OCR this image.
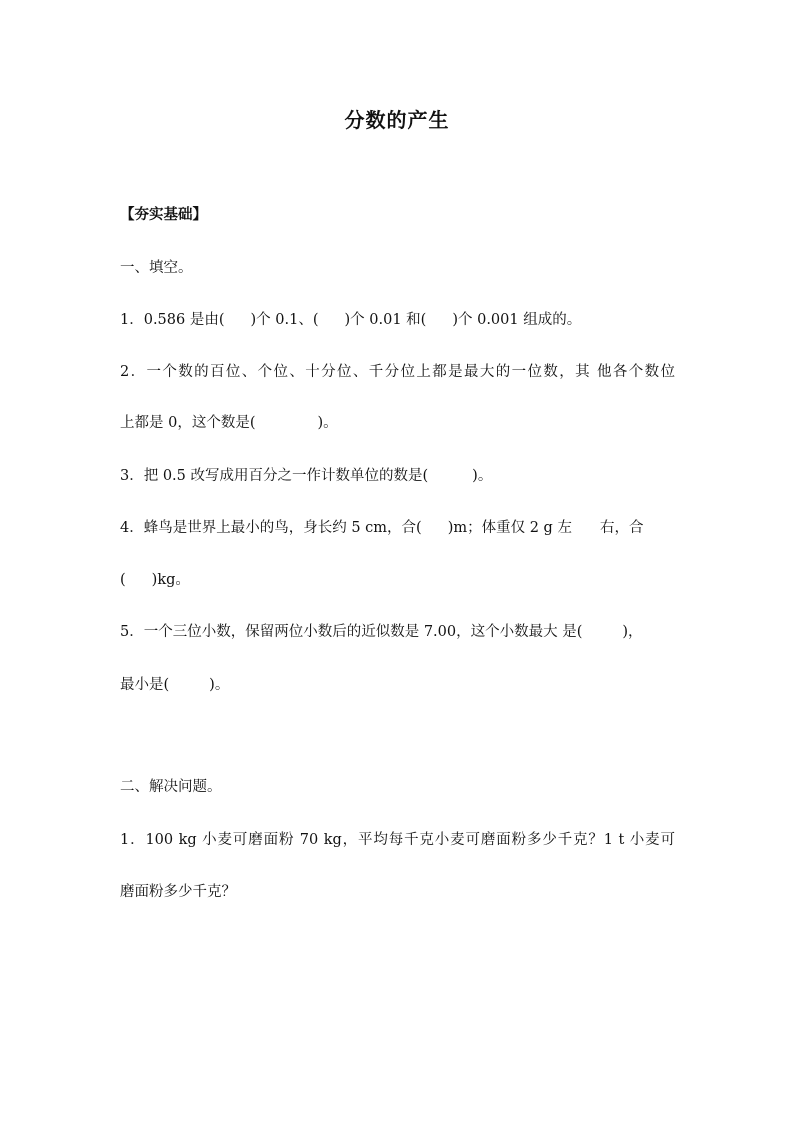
分数的产生
【夯实基础】
一、填空。
1．0.586 是由( )个 0.1、( )个 0.01 和( )个 0.001 组成的。
2．一个数的百位、个位、十分位、千分位上都是最大的一位数，其 他各个数位
上都是 0，这个数是(	)。
3．把 0.5 改写成用百分之一作计数单位的数是(	)。
4．蜂鸟是世界上最小的鸟，身长约 5 cm，合( )m；体重仅 2 g 左 右，合
( )kg。
5．一个三位小数，保留两位小数后的近似数是 7.00，这个小数最大 是(	)，
最小是(	)。
二、解决问题。
1．100 kg 小麦可磨面粉 70 kg，平均每千克小麦可磨面粉多少千克？1 t 小麦可
磨面粉多少千克？
